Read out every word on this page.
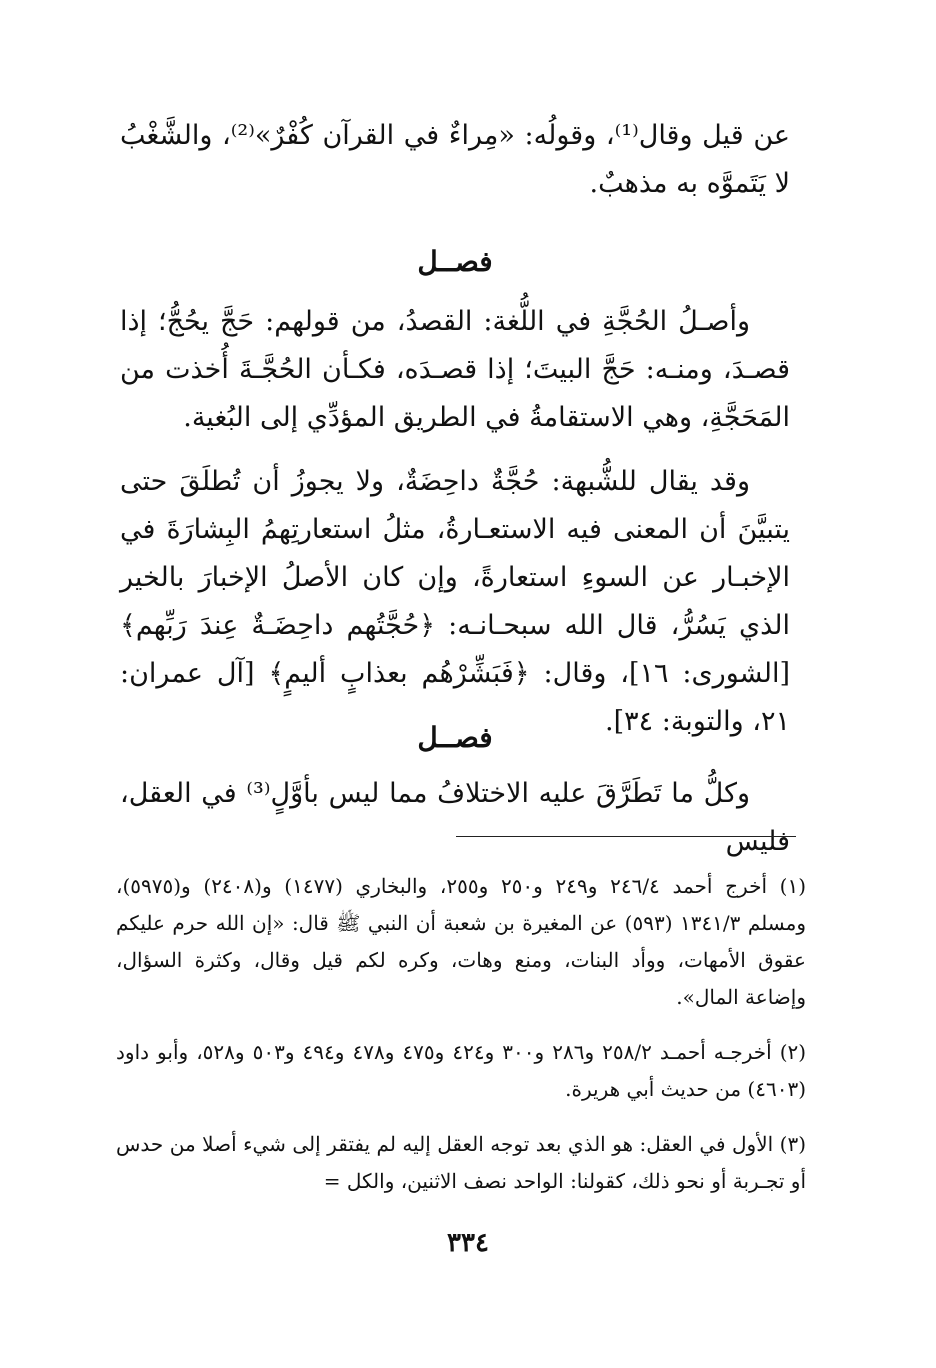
عن قيل وقال⁽¹⁾، وقولُه: «مِراءٌ في القرآن كُفْرٌ»⁽²⁾، والشَّغْبُ لا يَتَموَّه به مذهبٌ.

فصــل

وأصـلُ الحُجَّةِ في اللُّغة: القصدُ، من قولهم: حَجَّ يحُجُّ؛ إذا قصـدَ، ومنـه: حَجَّ البيتَ؛ إذا قصـدَه، فكـأن الحُجَّـةَ أُخذت من المَحَجَّةِ، وهي الاستقامةُ في الطريق المؤدِّي إلى البُغية.

وقد يقال للشُّبهة: حُجَّةٌ داحِضَةٌ، ولا يجوزُ أن تُطلَقَ حتى يتبيَّنَ أن المعنى فيه الاستعـارةُ، مثلُ استعارتِهمُ البِشارَةَ في الإخبـار عن السوءِ استعارةً، وإن كان الأصلُ الإخبارَ بالخير الذي يَسُرُّ، قال الله سبحـانـه: ﴿حُجَّتُهم داحِضَـةٌ عِندَ رَبِّهم﴾ [الشورى: ١٦]، وقال: ﴿فَبَشِّرْهُم بعذابٍ أليمٍ﴾ [آل عمران: ٢١، والتوبة: ٣٤].

فصــل

وكلُّ ما تَطَرَّقَ عليه الاختلافُ مما ليس بأوَّلٍ⁽³⁾ في العقل، فليس

(١) أخرج أحمد ٢٤٦/٤ و٢٤٩ و٢٥٠ و٢٥٥، والبخاري (١٤٧٧) و(٢٤٠٨) و(٥٩٧٥)، ومسلم ١٣٤١/٣ (٥٩٣) عن المغيرة بن شعبة أن النبي ﷺ قال: «إن الله حرم عليكم عقوق الأمهات، ووأد البنات، ومنع وهات، وكره لكم قيل وقال، وكثرة السؤال، وإضاعة المال».

(٢) أخرجـه أحمـد ٢٥٨/٢ و٢٨٦ و٣٠٠ و٤٢٤ و٤٧٥ و٤٧٨ و٤٩٤ و٥٠٣ و٥٢٨، وأبو داود (٤٦٠٣) من حديث أبي هريرة.

(٣) الأول في العقل: هو الذي بعد توجه العقل إليه لم يفتقر إلى شيء أصلا من حدس أو تجـربة أو نحو ذلك، كقولنا: الواحد نصف الاثنين، والكل =

٣٣٤
